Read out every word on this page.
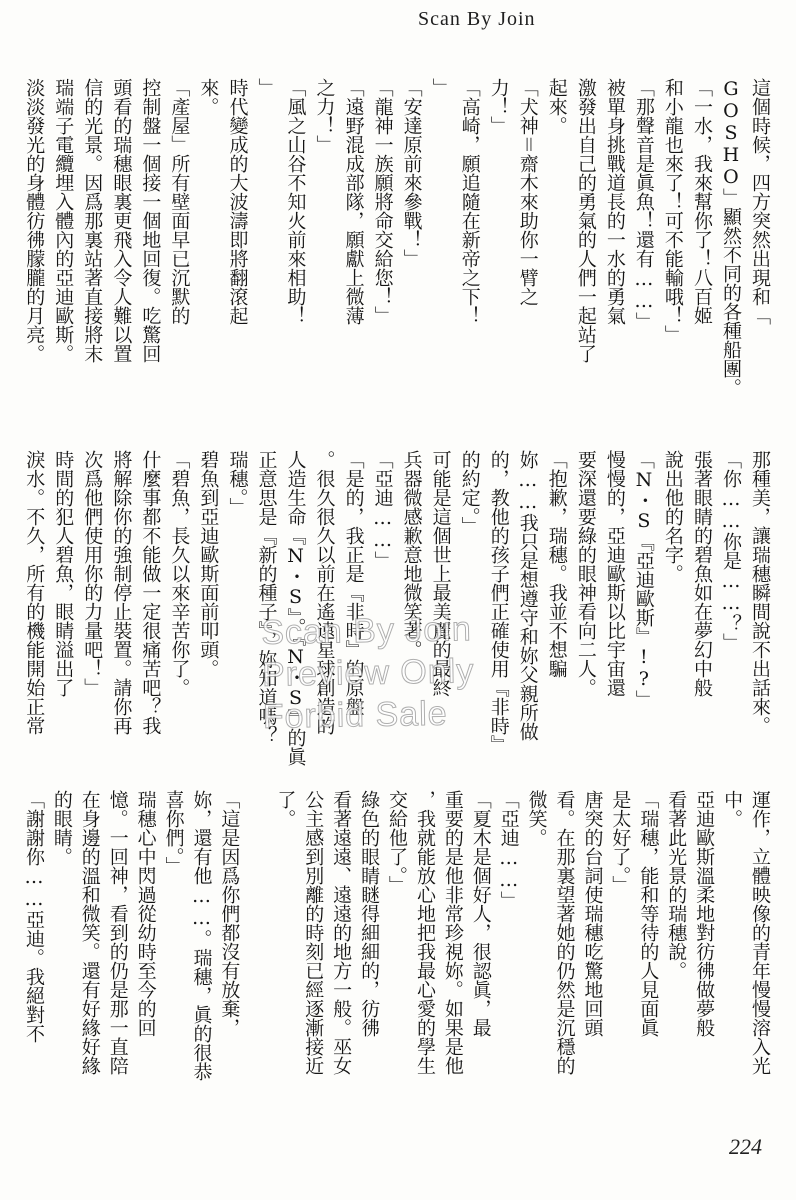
Scan By Join
這個時候，四方突然出現和「
GOSHO」顯然不同的各種船團。
「一水，我來幫你了！八百姬
和小龍也來了！可不能輸哦！」
「那聲音是眞魚！還有……」
被單身挑戰道長的一水的勇氣
激發出自己的勇氣的人們一起站了
起來。
「犬神＝齋木來助你一臂之
力！」
「高崎，願追隨在新帝之下！
」
「安達原前來參戰！」
「龍神一族願將命交給您！」
「遠野混成部隊，願獻上微薄
之力！」
「風之山谷不知火前來相助！
」
時代變成的大波濤即將翻滾起
來。
「產屋」所有壁面早已沉默的
控制盤一個接一個地回復。吃驚回
頭看的瑞穗眼裏更飛入令人難以置
信的光景。因爲那裏站著直接將末
瑞端子電纜埋入體內的亞迪歐斯。
淡淡發光的身體彷彿朦朧的月亮。
那種美，讓瑞穗瞬間說不出話來。
「你……你是……？」
張著眼睛的碧魚如在夢幻中般
說出他的名字。
「N・S『亞迪歐斯』!?」
慢慢的，亞迪歐斯以比宇宙還
要深還要綠的眼神看向二人。
「抱歉，瑞穗。我並不想騙
妳……我只是想遵守和妳父親所做
的，教他的孩子們正確使用『非時』
的約定。」
可能是這個世上最美麗的最終
兵器微感歉意地微笑著。
「亞迪……」
「是的，我正是『非時』的原盤
。很久很久以前在遙遠星球創造的
人造生命『N・S』。『N・S』的眞
正意思是『新的種子』，妳知道嗎？
瑞穗。」
碧魚到亞迪歐斯面前叩頭。
「碧魚，長久以來辛苦你了。
什麼事都不能做一定很痛苦吧？我
將解除你的強制停止裝置。請你再
次爲他們使用你的力量吧！」
時間的犯人碧魚，眼睛溢出了
淚水。不久，所有的機能開始正常
運作，立體映像的青年慢慢溶入光
中。
亞迪歐斯溫柔地對彷彿做夢般
看著此光景的瑞穗說。
「瑞穗，能和等待的人見面眞
是太好了。」
唐突的台詞使瑞穗吃驚地回頭
看。在那裏望著她的仍然是沉穩的
微笑。
「亞迪……」
「夏木是個好人，很認眞，最
重要的是他非常珍視妳。如果是他
，我就能放心地把我最心愛的學生
交給他了。」
綠色的眼睛瞇得細細的，彷彿
看著遠遠、遠遠的地方一般。巫女
公主感到別離的時刻已經逐漸接近
了。
「這是因爲你們都沒有放棄，
妳，還有他……。瑞穗，眞的很恭
喜你們。」
瑞穗心中閃過從幼時至今的回
憶。一回神，看到的仍是那一直陪
在身邊的溫和微笑。還有好緣好緣
的眼睛。
「謝謝你……亞迪。我絕對不
Scan By Join
Preview Only
Forbid Sale
224
